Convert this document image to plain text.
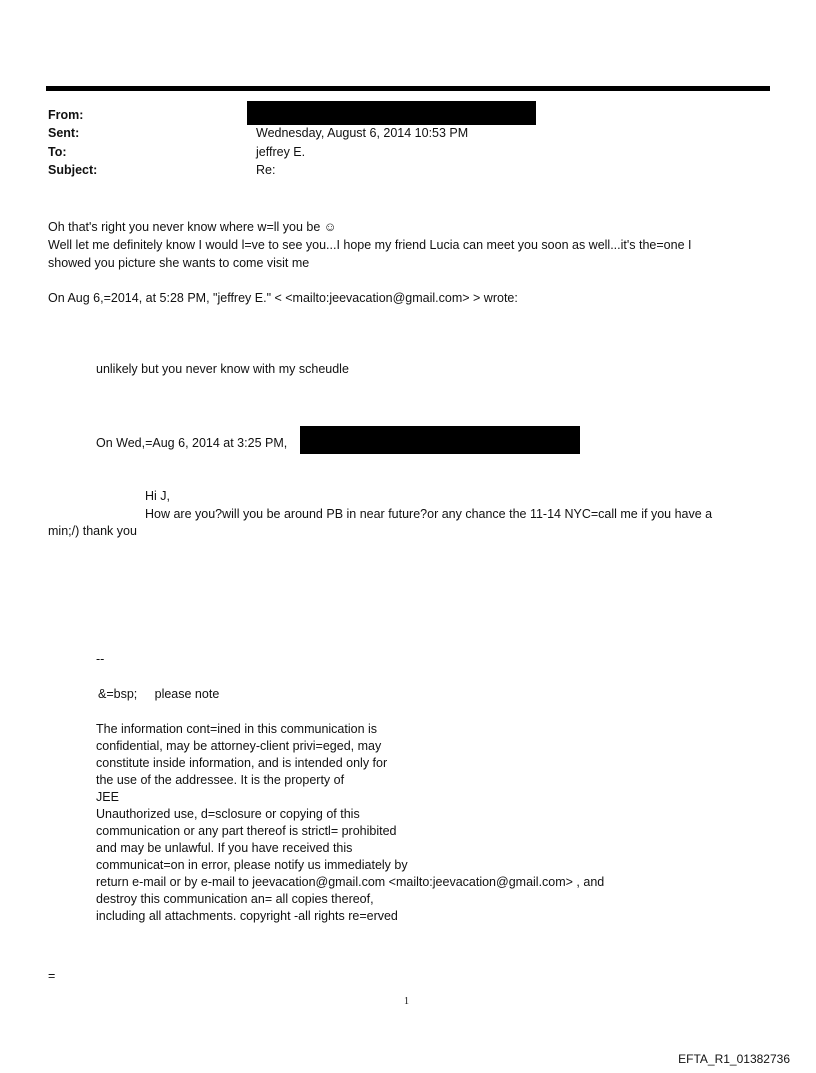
From:
Sent:	Wednesday, August 6, 2014 10:53 PM
To:	jeffrey E.
Subject:	Re:
Oh that's right you never know where w=ll you be ☺
Well let me definitely know I would l=ve to see you...I hope my friend Lucia can meet you soon as well...it's the=one I
showed you picture she wants to come visit me
On Aug 6,=2014, at 5:28 PM, "jeffrey E." < <mailto:jeevacation@gmail.com> > wrote:
unlikely but you never know with my scheudle
On Wed,=Aug 6, 2014 at 3:25 PM,
Hi J,
How are you?will you be around PB in near future?or any chance the 11-14 NYC=call me if you have a
min;/) thank you
--
&=bsp;     please note
The information cont=ined in this communication is
confidential, may be attorney-client privi=eged, may
constitute inside information, and is intended only for
the use of the addressee. It is the property of
JEE
Unauthorized use, d=sclosure or copying of this
communication or any part thereof is strictl= prohibited
and may be unlawful. If you have received this
communicat=on in error, please notify us immediately by
return e-mail or by e-mail to jeevacation@gmail.com <mailto:jeevacation@gmail.com> , and
destroy this communication an= all copies thereof,
including all attachments. copyright -all rights re=erved
=
1
EFTA_R1_01382736
